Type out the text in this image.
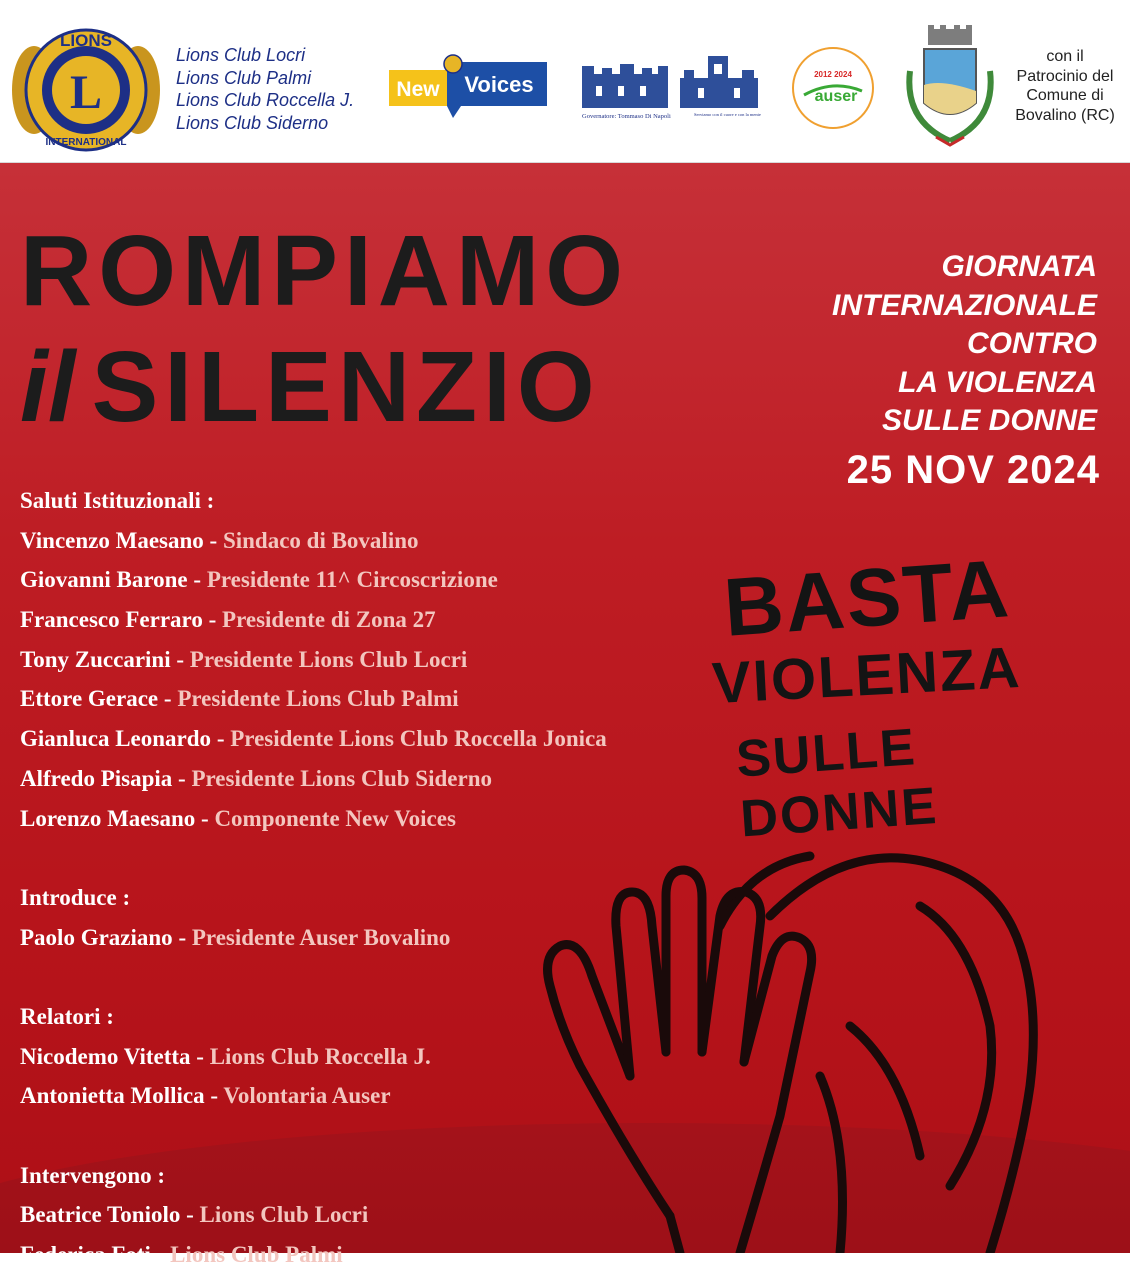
LIONS
L
INTERNATIONAL
Lions Club Locri
Lions Club Palmi
Lions Club Roccella J.
Lions Club Siderno
New Voices
Governatore: Tommaso Di Napoli	Serviamo con il cuore e con la mente
2012 2024
auser
con il
Patrocinio del
Comune di
Bovalino (RC)
ROMPIAMO
il SILENZIO
GIORNATA
INTERNAZIONALE
CONTRO
LA VIOLENZA
SULLE DONNE
25 NOV 2024
BASTA
VIOLENZA
SULLE DONNE
Saluti Istituzionali :
Vincenzo Maesano - Sindaco di Bovalino
Giovanni Barone - Presidente 11^ Circoscrizione
Francesco Ferraro - Presidente di Zona 27
Tony Zuccarini - Presidente Lions Club Locri
Ettore Gerace - Presidente Lions Club Palmi
Gianluca Leonardo - Presidente Lions Club Roccella Jonica
Alfredo Pisapia - Presidente Lions Club Siderno
Lorenzo Maesano - Componente New Voices
Introduce :
Paolo Graziano - Presidente Auser Bovalino
Relatori :
Nicodemo Vitetta - Lions Club Roccella J.
Antonietta Mollica - Volontaria Auser
Intervengono :
Beatrice Toniolo - Lions Club Locri
Federica Foti - Lions Club Palmi
